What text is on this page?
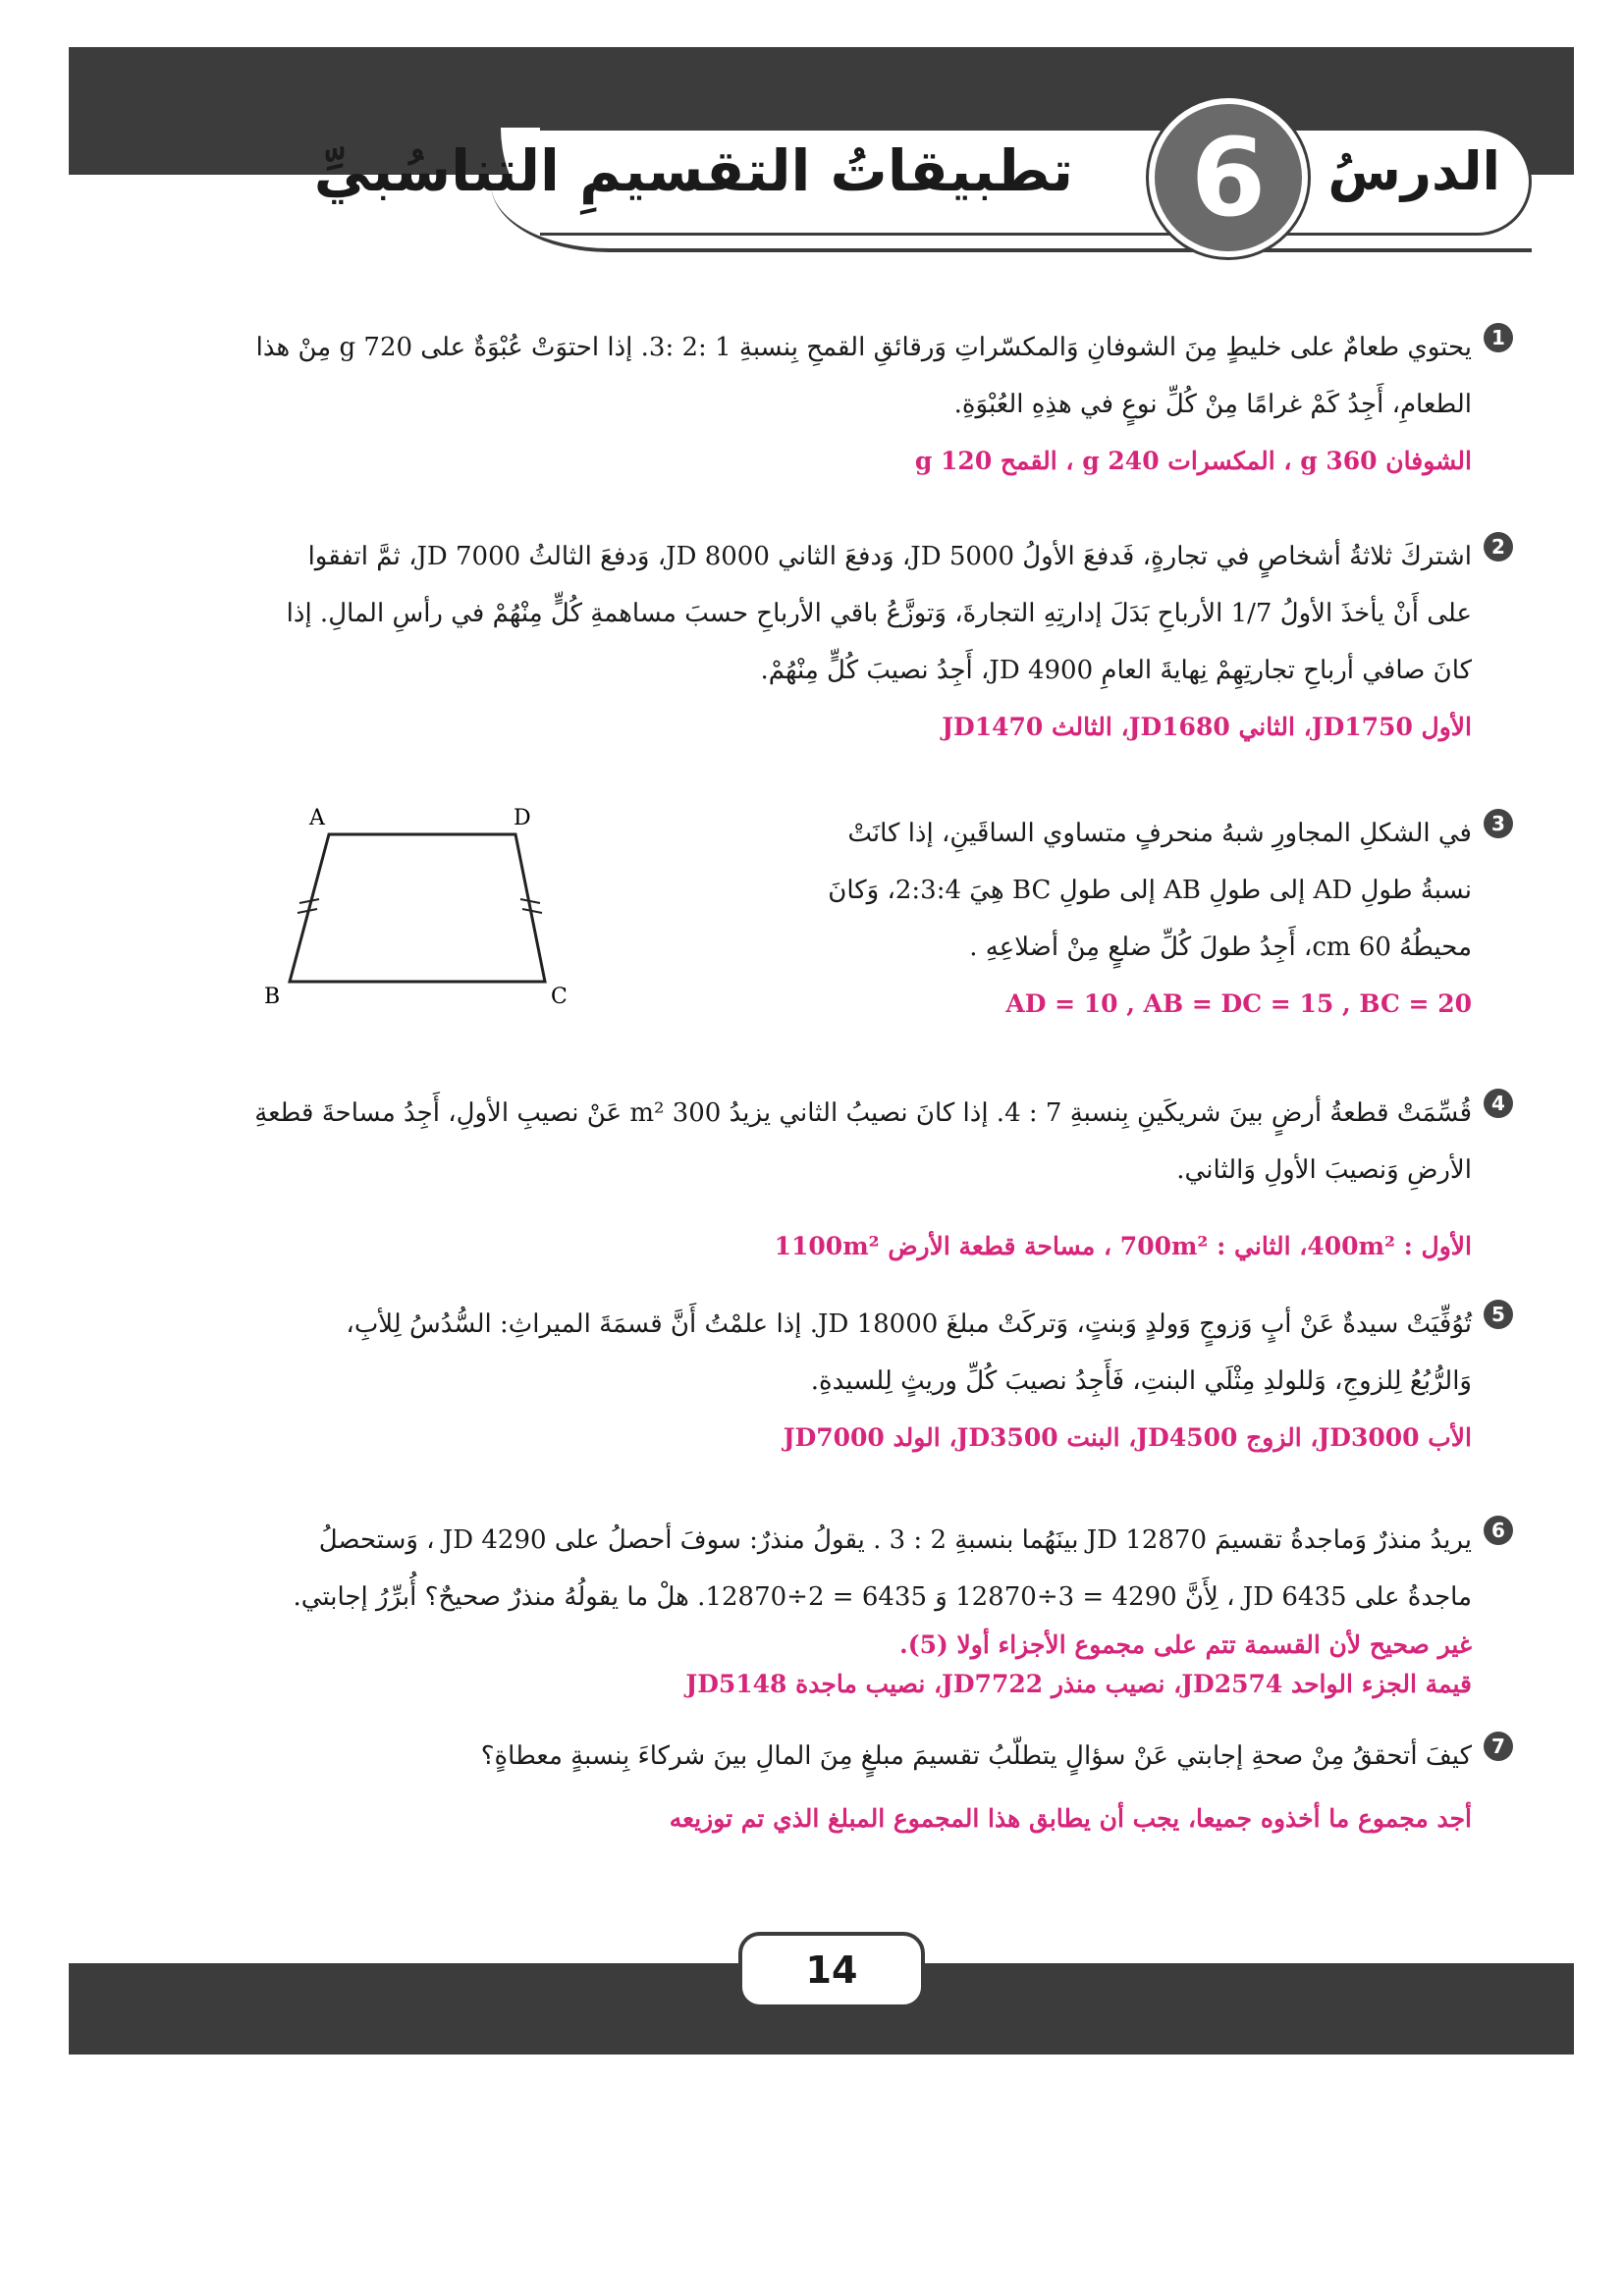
الدرسُ
6
تطبيقاتُ التقسيمِ التناسُبيِّ
1

يحتوي طعامٌ على خليطٍ مِنَ الشوفانِ وَالمكسّراتِ وَرقائقِ القمحِ بِنسبةِ 1 :2 :3. إذا احتوَتْ عُبْوَةٌ على 720 g مِنْ هذا

الطعامِ، أَجِدُ كَمْ غرامًا مِنْ كُلِّ نوعٍ في هذِهِ العُبْوَةِ.

الشوفان 360 g ، المكسرات 240 g ، القمح 120 g

2

اشتركَ ثلاثةُ أشخاصٍ في تجارةٍ، فَدفعَ الأولُ 5000 JD، وَدفعَ الثاني 8000 JD، وَدفعَ الثالثُ 7000 JD، ثمَّ اتفقوا

على أَنْ يأخذَ الأولُ 1/7 الأرباحِ بَدَلَ إدارتِهِ التجارةَ، وَتوزَّعُ باقي الأرباحِ حسبَ مساهمةِ كُلٍّ مِنْهُمْ في رأسِ المالِ. إذا

كانَ صافي أرباحِ تجارتِهِمْ نِهايةَ العامِ 4900 JD، أَجِدُ نصيبَ كُلٍّ مِنْهُمْ.

الأول JD1750، الثاني JD1680، الثالث JD1470

3

في الشكلِ المجاورِ شبهُ منحرفٍ متساوي الساقَينِ، إذا كانَتْ

نسبةُ طولِ AD إلى طولِ AB إلى طولِ BC هِيَ 2:3:4، وَكانَ

محيطُهُ 60 cm، أَجِدُ طولَ كُلِّ ضلعٍ مِنْ أضلاعِهِ .

AD = 10 , AB = DC = 15 , BC = 20

A	D
B	C
4

قُسِّمَتْ قطعةُ أرضٍ بينَ شريكَينِ بِنسبةِ 7 : 4. إذا كانَ نصيبُ الثاني يزيدُ 300 m² عَنْ نصيبِ الأولِ، أَجِدُ مساحةَ قطعةِ

الأرضِ وَنصيبَ الأولِ وَالثاني.

الأول : 400m²، الثاني : 700m² ، مساحة قطعة الأرض 1100m²

5

تُوُفِّيَتْ سيدةٌ عَنْ أبٍ وَزوجٍ وَولدٍ وَبنتٍ، وَتركَتْ مبلغَ 18000 JD. إذا علمْتُ أَنَّ قسمَةَ الميراثِ: السُّدُسُ لِلأبِ،

وَالرُّبُعُ لِلزوجِ، وَللولدِ مِثْلَي البنتِ، فَأَجِدُ نصيبَ كُلِّ وريثٍ لِلسيدةِ.

الأب JD3000، الزوج JD4500، البنت JD3500، الولد JD7000

6

يريدُ منذرٌ وَماجدةُ تقسيمَ 12870 JD بينَهُما بنسبةِ 2 : 3 . يقولُ منذرٌ: سوفَ أحصلُ على 4290 JD ، وَستحصلُ

ماجدةُ على 6435 JD ، لِأَنَّ 4290 = 3÷12870 وَ 6435 = 2÷12870. هلْ ما يقولُهُ منذرٌ صحيحٌ؟ أُبرِّرُ إجابتي.

غير صحيح لأن القسمة تتم على مجموع الأجزاء أولا (5).

قيمة الجزء الواحد JD2574، نصيب منذر JD7722، نصيب ماجدة JD5148

7

كيفَ أتحققُ مِنْ صحةِ إجابتي عَنْ سؤالٍ يتطلّبُ تقسيمَ مبلغٍ مِنَ المالِ بينَ شركاءَ بِنسبةٍ معطاةٍ؟

أجد مجموع ما أخذوه جميعا، يجب أن يطابق هذا المجموع المبلغ الذي تم توزيعه

14
